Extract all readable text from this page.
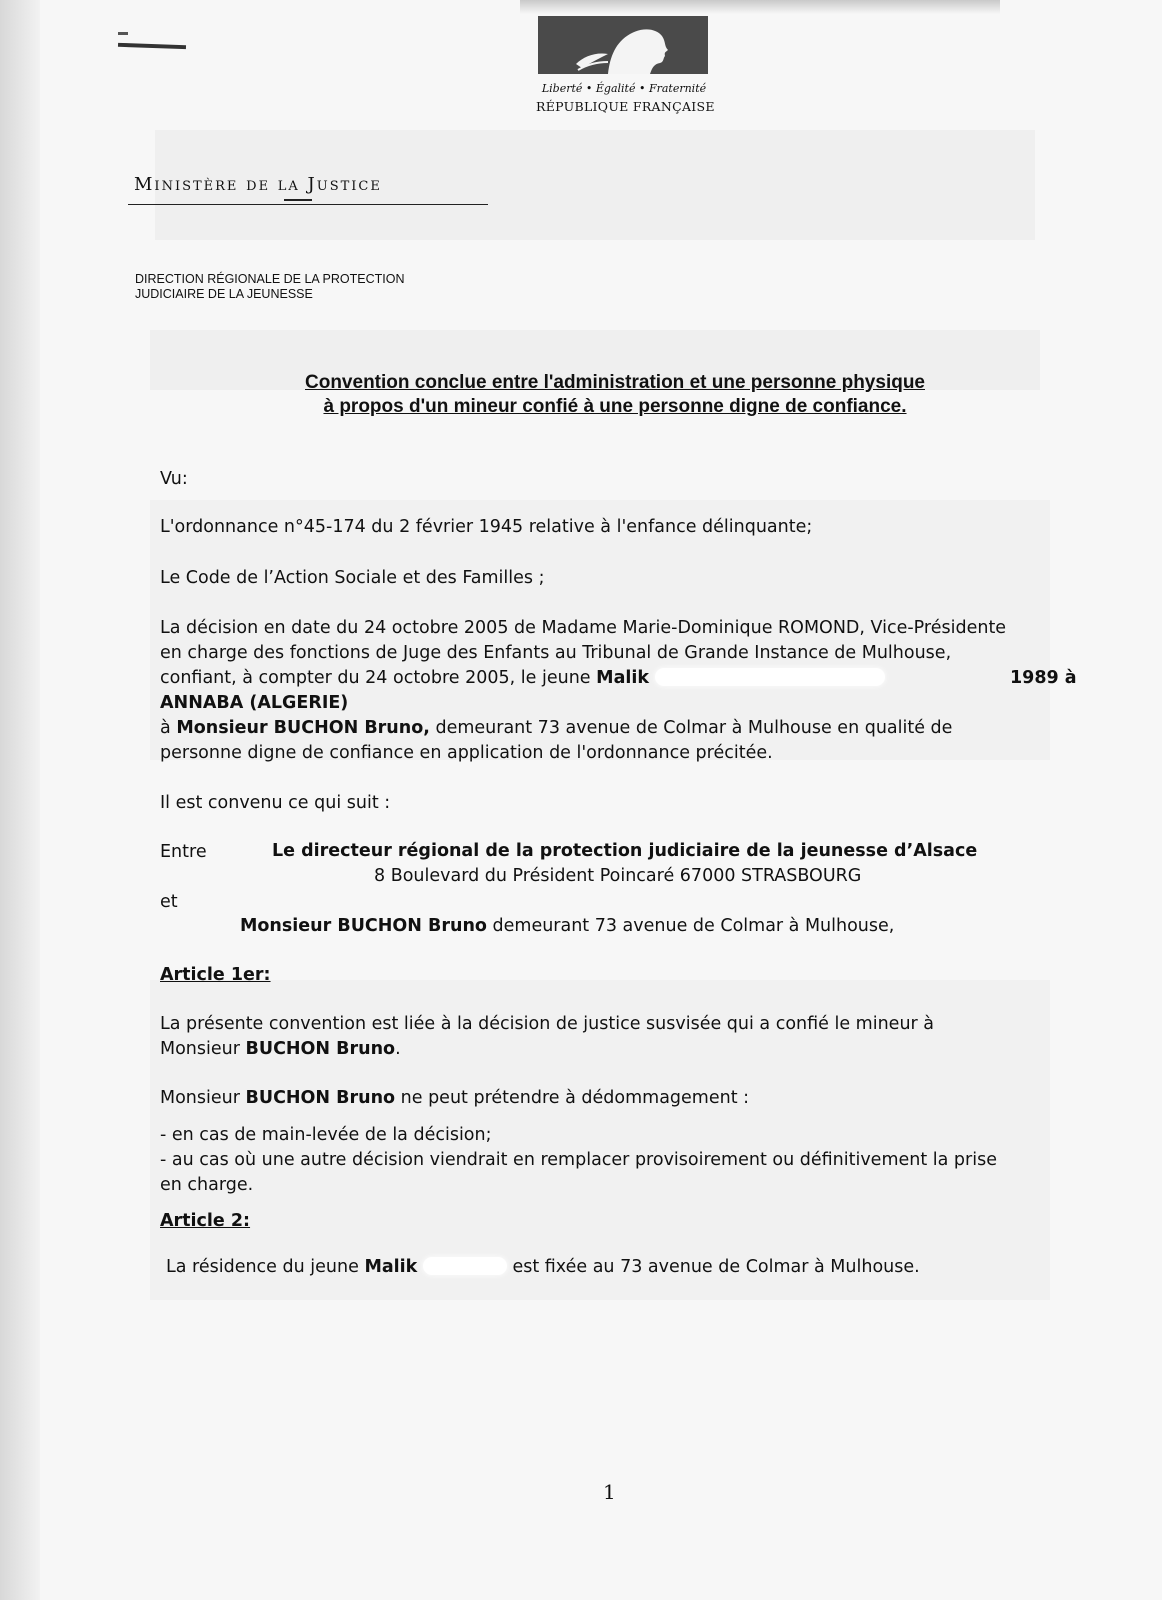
Liberté • Égalité • Fraternité
RÉPUBLIQUE FRANÇAISE
Ministère de la Justice
DIRECTION RÉGIONALE DE LA PROTECTION
JUDICIAIRE DE LA JEUNESSE
Convention conclue entre l'administration et une personne physique
à propos d'un mineur confié à une personne digne de confiance.
Vu:
L'ordonnance n°45-174 du 2 février 1945 relative à l'enfance délinquante;
Le Code de l’Action Sociale et des Familles ;
La décision en date du 24 octobre 2005 de Madame Marie-Dominique ROMOND, Vice-Présidente
en charge des fonctions de Juge des Enfants au Tribunal de Grande Instance de Mulhouse,
confiant, à compter du 24 octobre 2005, le jeune Malik	1989 à
ANNABA (ALGERIE)
à Monsieur BUCHON Bruno, demeurant 73 avenue de Colmar à Mulhouse en qualité de
personne digne de confiance en application de l'ordonnance précitée.
Il est convenu ce qui suit :
Entre	Le directeur régional de la protection judiciaire de la jeunesse d’Alsace
8 Boulevard du Président Poincaré 67000 STRASBOURG
et
Monsieur BUCHON Bruno demeurant 73 avenue de Colmar à Mulhouse,
Article 1er:
La présente convention est liée à la décision de justice susvisée qui a confié le mineur à
Monsieur BUCHON Bruno.
Monsieur BUCHON Bruno ne peut prétendre à dédommagement :
- en cas de main-levée de la décision;
- au cas où une autre décision viendrait en remplacer provisoirement ou définitivement la prise
en charge.
Article 2:
La résidence du jeune Malik	est fixée au 73 avenue de Colmar à Mulhouse.
1
